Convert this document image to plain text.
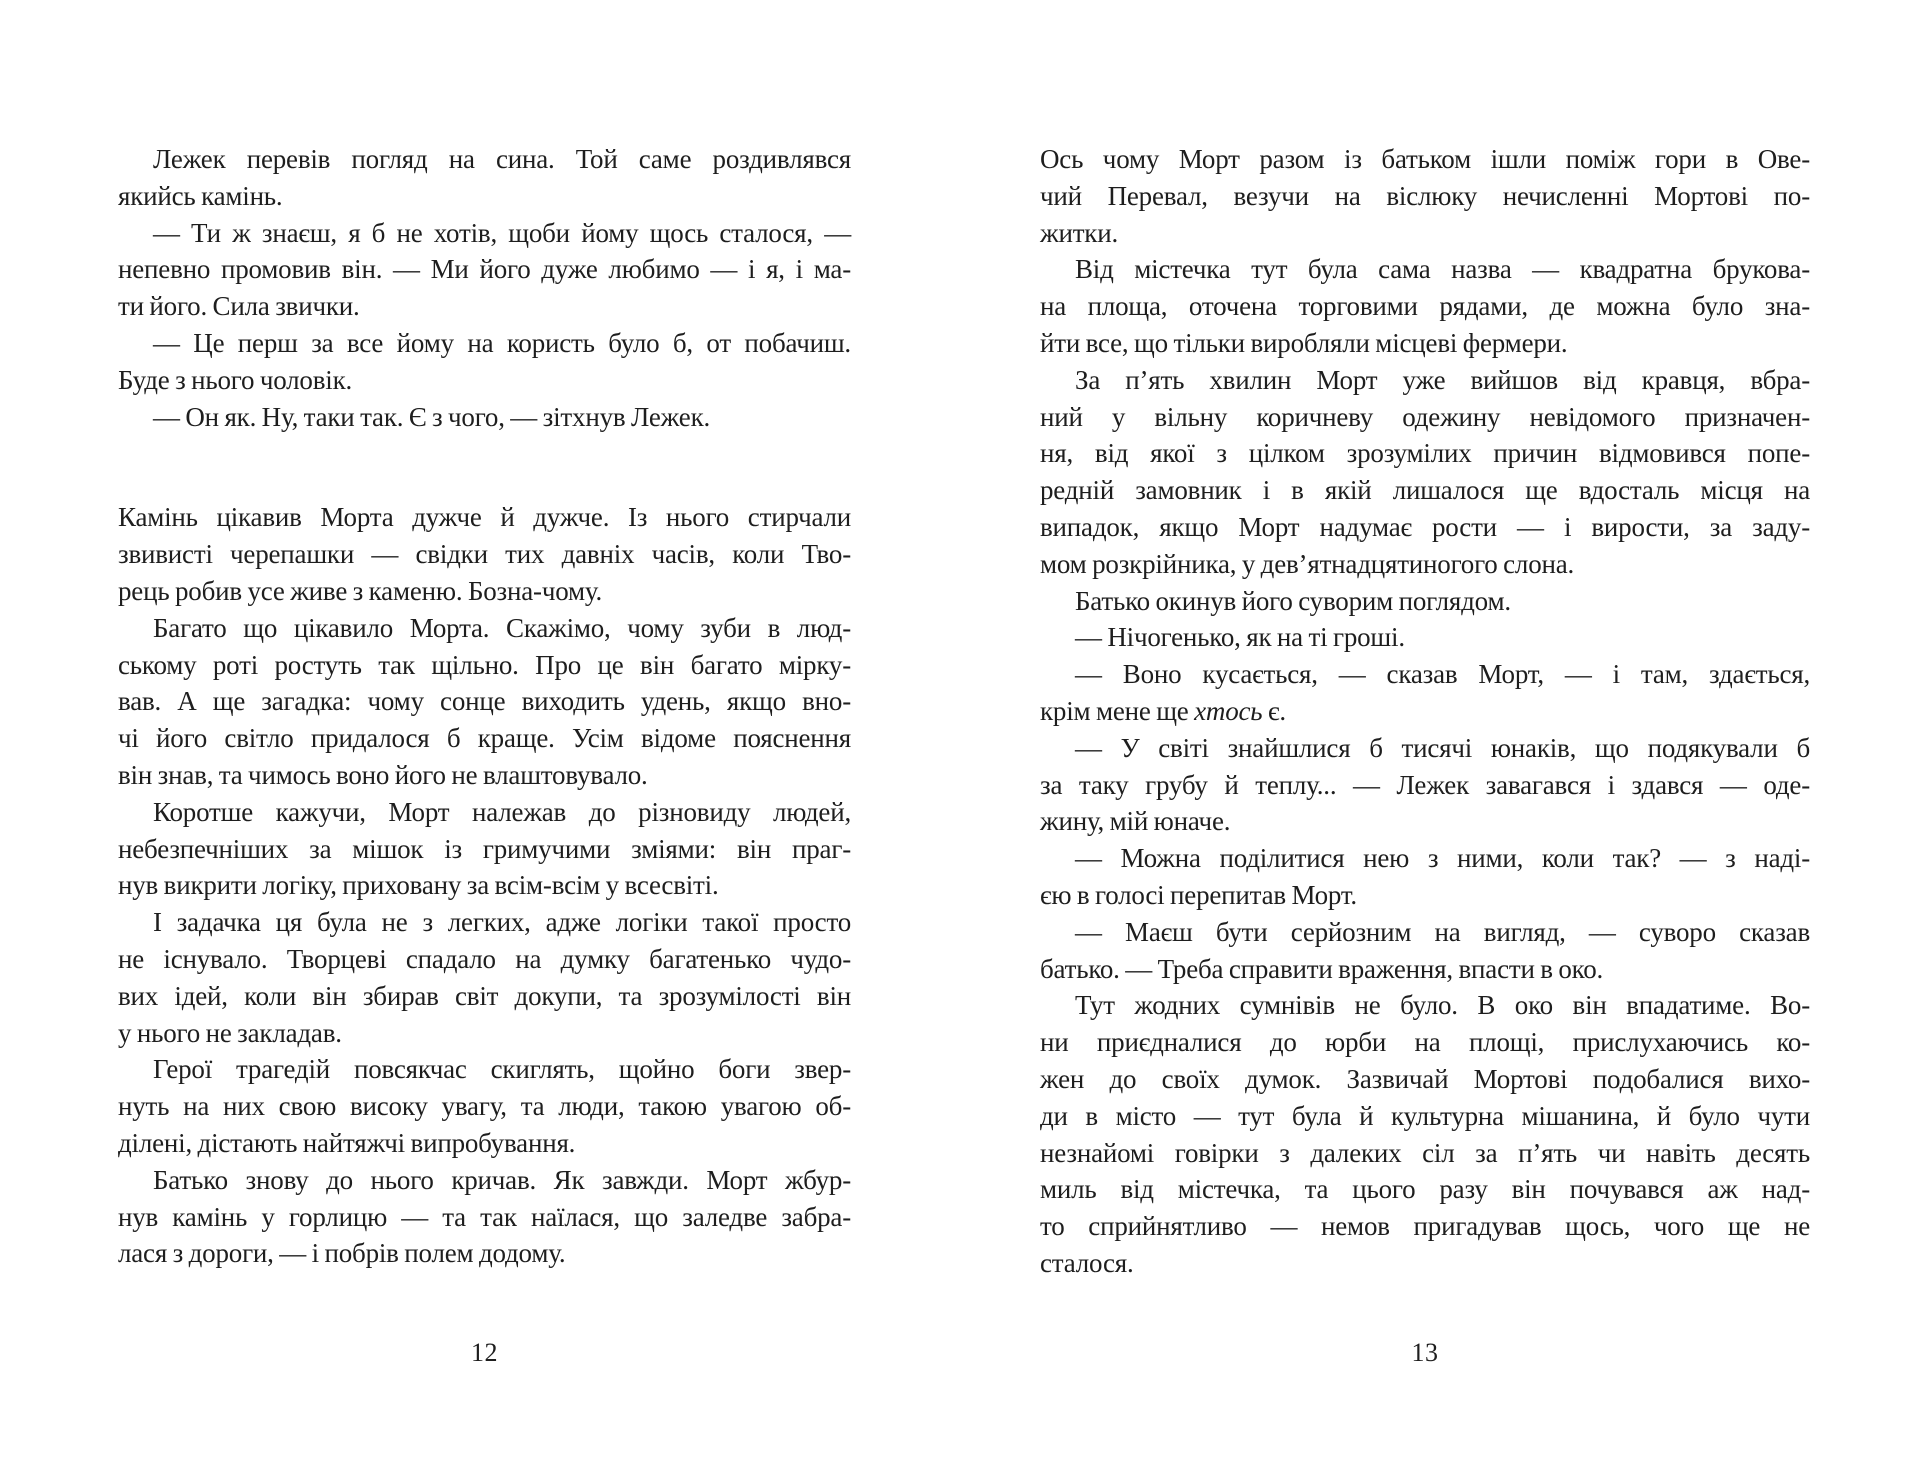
Лежек перевів погляд на сина. Той саме роздивлявся
якийсь камінь.
— Ти ж знаєш, я б не хотів, щоби йому щось сталося, —
непевно промовив він. — Ми його дуже любимо — і я, і ма-
ти його. Сила звички.
— Це перш за все йому на користь було б, от побачиш.
Буде з нього чоловік.
— Он як. Ну, таки так. Є з чого, — зітхнув Лежек.
Камінь цікавив Морта дужче й дужче. Із нього стирчали
звивисті черепашки — свідки тих давніх часів, коли Тво-
рець робив усе живе з каменю. Бозна-чому.
Багато що цікавило Морта. Скажімо, чому зуби в люд-
ському роті ростуть так щільно. Про це він багато мірку-
вав. А ще загадка: чому сонце виходить удень, якщо вно-
чі його світло придалося б краще. Усім відоме пояснення
він знав, та чимось воно його не влаштовувало.
Коротше кажучи, Морт належав до різновиду людей,
небезпечніших за мішок із гримучими зміями: він праг-
нув викрити логіку, приховану за всім-всім у всесвіті.
І задачка ця була не з легких, адже логіки такої просто
не існувало. Творцеві спадало на думку багатенько чудо-
вих ідей, коли він збирав світ докупи, та зрозумілості він
у нього не закладав.
Герої трагедій повсякчас скиглять, щойно боги звер-
нуть на них свою високу увагу, та люди, такою увагою об-
ділені, дістають найтяжчі випробування.
Батько знову до нього кричав. Як завжди. Морт жбур-
нув камінь у горлицю — та так наїлася, що заледве забра-
лася з дороги, — і побрів полем додому.
12
Ось чому Морт разом із батьком ішли поміж гори в Ове-
чий Перевал, везучи на віслюку нечисленні Мортові по-
житки.
Від містечка тут була сама назва — квадратна брукова-
на площа, оточена торговими рядами, де можна було зна-
йти все, що тільки виробляли місцеві фермери.
За п’ять хвилин Морт уже вийшов від кравця, вбра-
ний у вільну коричневу одежину невідомого призначен-
ня, від якої з цілком зрозумілих причин відмовився попе-
редній замовник і в якій лишалося ще вдосталь місця на
випадок, якщо Морт надумає рости — і вирости, за заду-
мом розкрійника, у дев’ятнадцятиногого слона.
Батько окинув його суворим поглядом.
— Нічогенько, як на ті гроші.
— Воно кусається, — сказав Морт, — і там, здається,
крім мене ще хтось є.
— У світі знайшлися б тисячі юнаків, що подякували б
за таку грубу й теплу... — Лежек завагався і здався — оде-
жину, мій юначе.
— Можна поділитися нею з ними, коли так? — з наді-
єю в голосі перепитав Морт.
— Маєш бути серйозним на вигляд, — суворо сказав
батько. — Треба справити враження, впасти в око.
Тут жодних сумнівів не було. В око він впадатиме. Во-
ни приєдналися до юрби на площі, прислухаючись ко-
жен до своїх думок. Зазвичай Мортові подобалися вихо-
ди в місто — тут була й культурна мішанина, й було чути
незнайомі говірки з далеких сіл за п’ять чи навіть десять
миль від містечка, та цього разу він почувався аж над-
то сприйнятливо — немов пригадував щось, чого ще не
сталося.
13
